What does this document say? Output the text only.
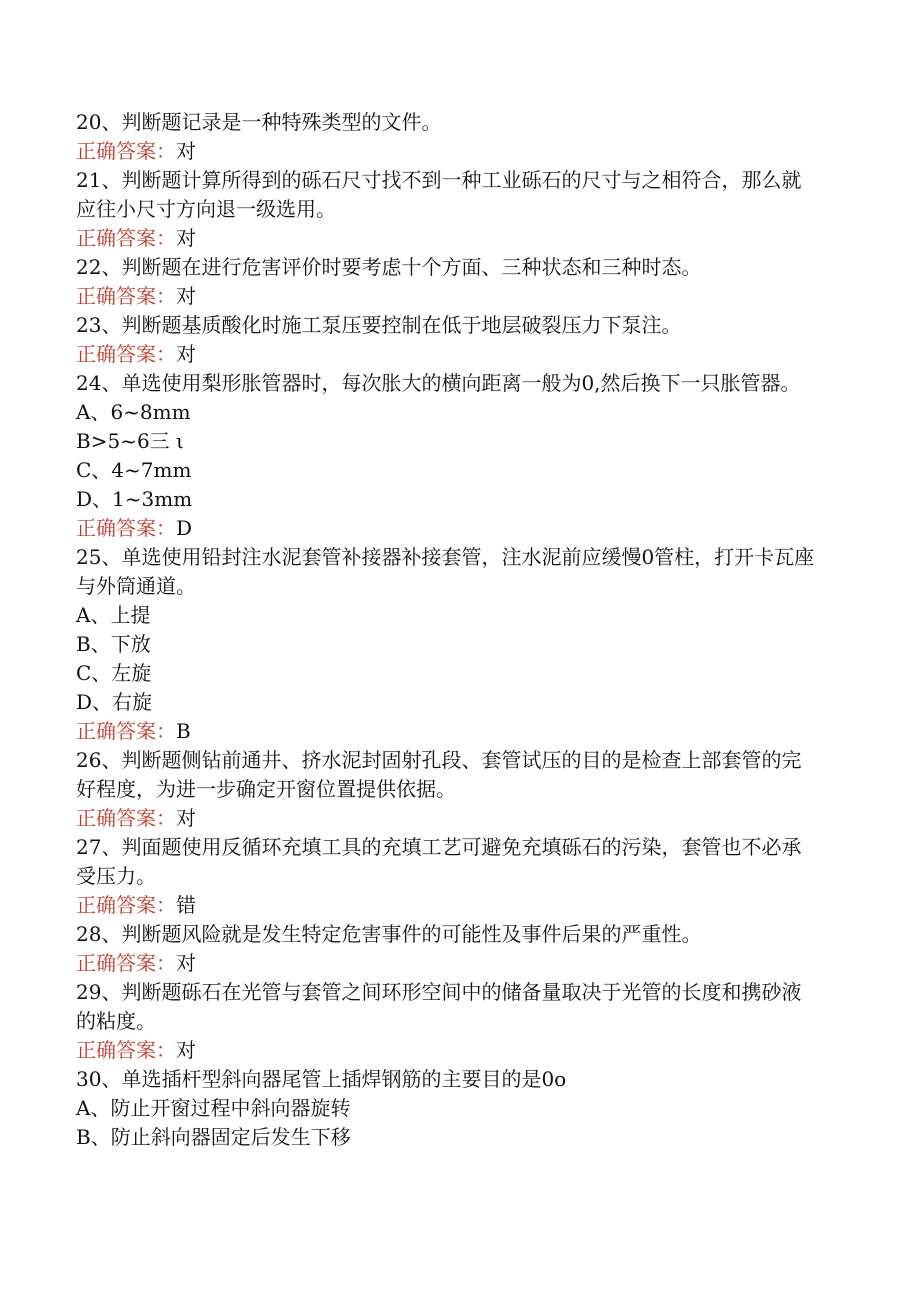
20、判断题记录是一种特殊类型的文件。

正确答案：对

21、判断题计算所得到的砾石尺寸找不到一种工业砾石的尺寸与之相符合，那么就应往小尺寸方向退一级选用。

正确答案：对

22、判断题在进行危害评价时要考虑十个方面、三种状态和三种时态。

正确答案：对

23、判断题基质酸化时施工泵压要控制在低于地层破裂压力下泵注。

正确答案：对

24、单选使用梨形胀管器时，每次胀大的横向距离一般为0,然后换下一只胀管器。

A、6~8mm

B>5~6三 ι

C、4~7mm

D、1~3mm

正确答案：D

25、单选使用铅封注水泥套管补接器补接套管，注水泥前应缓慢0管柱，打开卡瓦座与外筒通道。

A、上提

B、下放

C、左旋

D、右旋

正确答案：B

26、判断题侧钻前通井、挤水泥封固射孔段、套管试压的目的是检查上部套管的完好程度，为进一步确定开窗位置提供依据。

正确答案：对

27、判面题使用反循环充填工具的充填工艺可避免充填砾石的污染，套管也不必承受压力。

正确答案：错

28、判断题风险就是发生特定危害事件的可能性及事件后果的严重性。

正确答案：对

29、判断题砾石在光管与套管之间环形空间中的储备量取决于光管的长度和携砂液的粘度。

正确答案：对

30、单选插杆型斜向器尾管上插焊钢筋的主要目的是0o

A、防止开窗过程中斜向器旋转

B、防止斜向器固定后发生下移
